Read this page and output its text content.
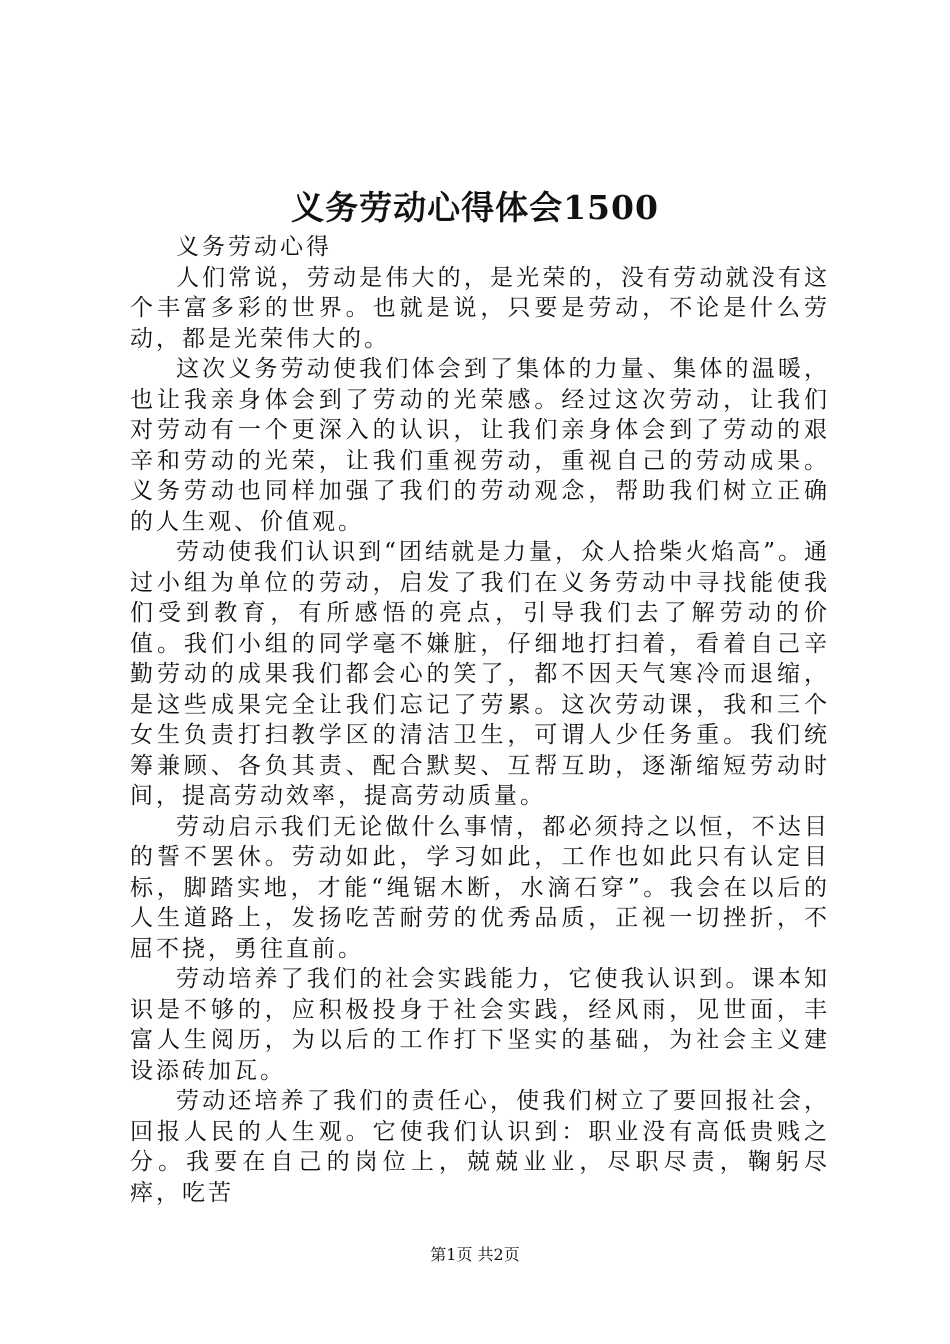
义务劳动心得体会1500

义务劳动心得

人们常说，劳动是伟大的，是光荣的，没有劳动就没有这个丰富多彩的世界。也就是说，只要是劳动，不论是什么劳动，都是光荣伟大的。

这次义务劳动使我们体会到了集体的力量、集体的温暖，也让我亲身体会到了劳动的光荣感。经过这次劳动，让我们对劳动有一个更深入的认识，让我们亲身体会到了劳动的艰辛和劳动的光荣，让我们重视劳动，重视自己的劳动成果。义务劳动也同样加强了我们的劳动观念，帮助我们树立正确的人生观、价值观。

劳动使我们认识到“团结就是力量，众人拾柴火焰高”。通过小组为单位的劳动，启发了我们在义务劳动中寻找能使我们受到教育，有所感悟的亮点，引导我们去了解劳动的价值。我们小组的同学毫不嫌脏，仔细地打扫着，看着自己辛勤劳动的成果我们都会心的笑了，都不因天气寒冷而退缩，是这些成果完全让我们忘记了劳累。这次劳动课，我和三个女生负责打扫教学区的清洁卫生，可谓人少任务重。我们统筹兼顾、各负其责、配合默契、互帮互助，逐渐缩短劳动时间，提高劳动效率，提高劳动质量。

劳动启示我们无论做什么事情，都必须持之以恒，不达目的誓不罢休。劳动如此，学习如此，工作也如此只有认定目标，脚踏实地，才能“绳锯木断，水滴石穿”。我会在以后的人生道路上，发扬吃苦耐劳的优秀品质，正视一切挫折，不屈不挠，勇往直前。

劳动培养了我们的社会实践能力，它使我认识到。课本知识是不够的，应积极投身于社会实践，经风雨，见世面，丰富人生阅历，为以后的工作打下坚实的基础，为社会主义建设添砖加瓦。

劳动还培养了我们的责任心，使我们树立了要回报社会，回报人民的人生观。它使我们认识到：职业没有高低贵贱之分。我要在自己的岗位上，兢兢业业，尽职尽责，鞠躬尽瘁，吃苦

第1页 共2页
